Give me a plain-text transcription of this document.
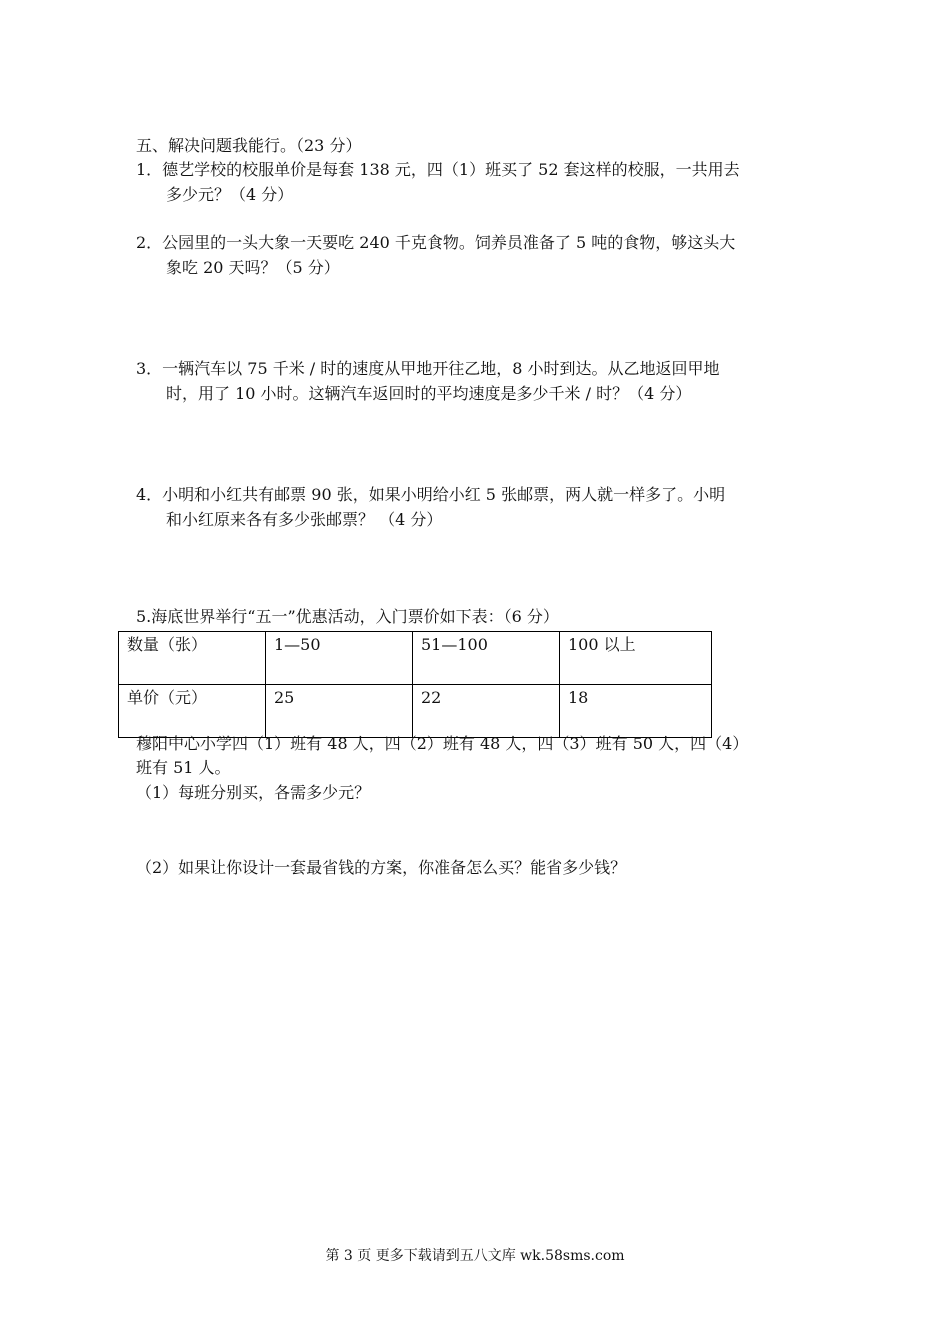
五、解决问题我能行。（23 分）
1．德艺学校的校服单价是每套 138 元，四（1）班买了 52 套这样的校服，一共用去
多少元？（4 分）
2．公园里的一头大象一天要吃 240 千克食物。饲养员准备了 5 吨的食物，够这头大
象吃 20 天吗？（5 分）
3．一辆汽车以 75 千米 / 时的速度从甲地开往乙地，8 小时到达。从乙地返回甲地
时，用了 10 小时。这辆汽车返回时的平均速度是多少千米 / 时？（4 分）
4．小明和小红共有邮票 90 张，如果小明给小红 5 张邮票，两人就一样多了。小明
和小红原来各有多少张邮票？ （4 分）
5.海底世界举行“五一”优惠活动，入门票价如下表：（6 分）
数量（张）	1—50	51—100	100 以上
单价（元）	25	22	18
穆阳中心小学四（1）班有 48 人，四（2）班有 48 人，四（3）班有 50 人，四（4）
班有 51 人。
（1）每班分别买，各需多少元？
（2）如果让你设计一套最省钱的方案，你准备怎么买？能省多少钱？
第 3 页 更多下载请到五八文库 wk.58sms.com
